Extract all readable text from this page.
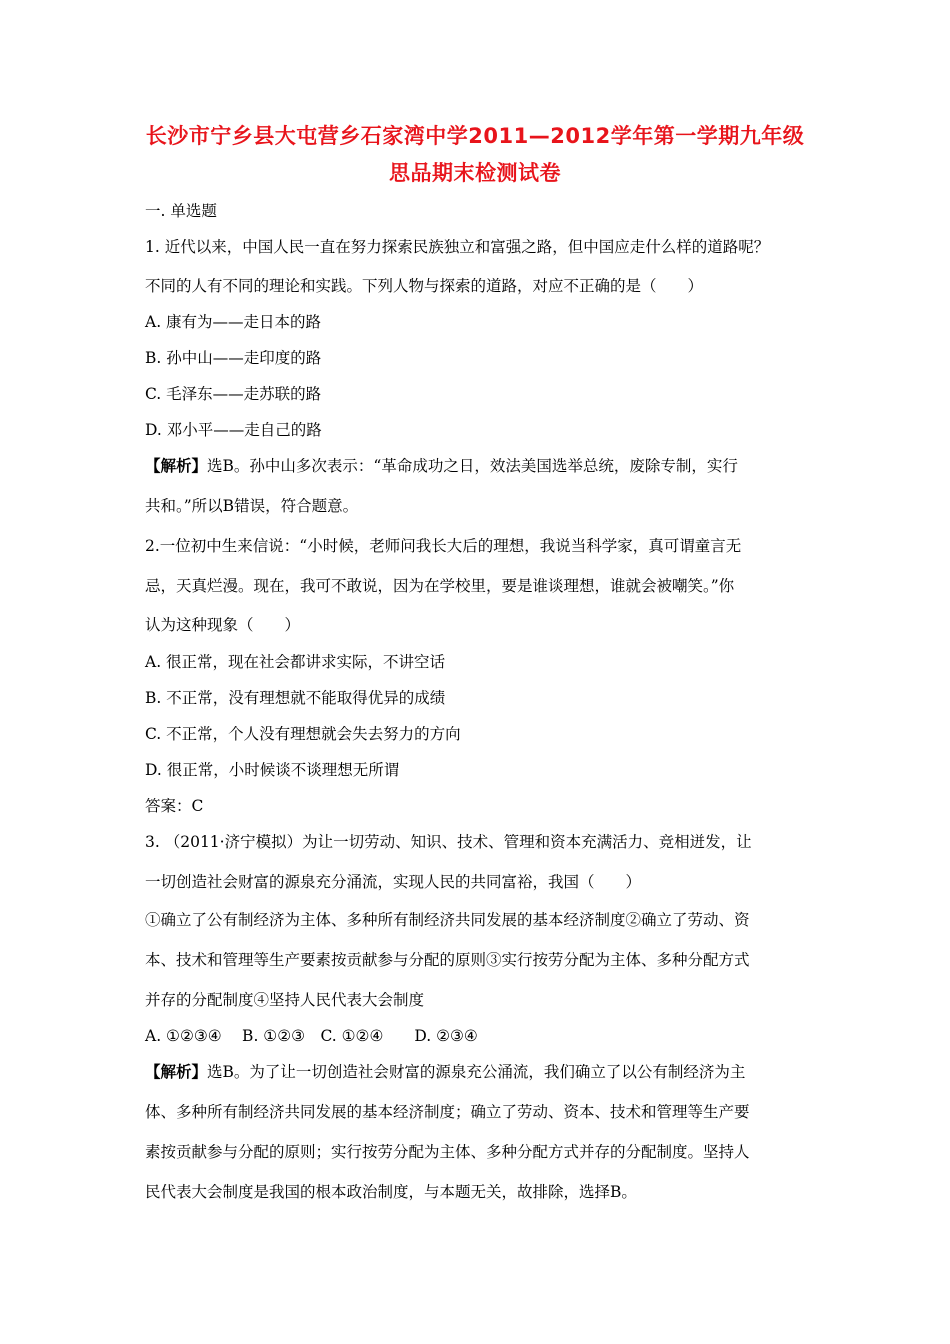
长沙市宁乡县大屯营乡石家湾中学2011—2012学年第一学期九年级
思品期末检测试卷
一. 单选题
1. 近代以来，中国人民一直在努力探索民族独立和富强之路，但中国应走什么样的道路呢？
不同的人有不同的理论和实践。下列人物与探索的道路，对应不正确的是（　　）
A. 康有为——走日本的路
B. 孙中山——走印度的路
C. 毛泽东——走苏联的路
D. 邓小平——走自己的路
【解析】选B。孙中山多次表示：“革命成功之日，效法美国选举总统，废除专制，实行
共和。”所以B错误，符合题意。
2.一位初中生来信说：“小时候，老师问我长大后的理想，我说当科学家，真可谓童言无
忌，天真烂漫。现在，我可不敢说，因为在学校里，要是谁谈理想，谁就会被嘲笑。”你
认为这种现象（　　）
A. 很正常，现在社会都讲求实际，不讲空话
B. 不正常，没有理想就不能取得优异的成绩
C. 不正常，个人没有理想就会失去努力的方向
D. 很正常，小时候谈不谈理想无所谓
答案：C
3. （2011·济宁模拟）为让一切劳动、知识、技术、管理和资本充满活力、竞相迸发，让
一切创造社会财富的源泉充分涌流，实现人民的共同富裕，我国（　　）
①确立了公有制经济为主体、多种所有制经济共同发展的基本经济制度②确立了劳动、资
本、技术和管理等生产要素按贡献参与分配的原则③实行按劳分配为主体、多种分配方式
并存的分配制度④坚持人民代表大会制度
A. ①②③④　 B. ①②③　C. ①②④　　D. ②③④
【解析】选B。为了让一切创造社会财富的源泉充公涌流，我们确立了以公有制经济为主
体、多种所有制经济共同发展的基本经济制度；确立了劳动、资本、技术和管理等生产要
素按贡献参与分配的原则；实行按劳分配为主体、多种分配方式并存的分配制度。坚持人
民代表大会制度是我国的根本政治制度，与本题无关，故排除，选择B。
